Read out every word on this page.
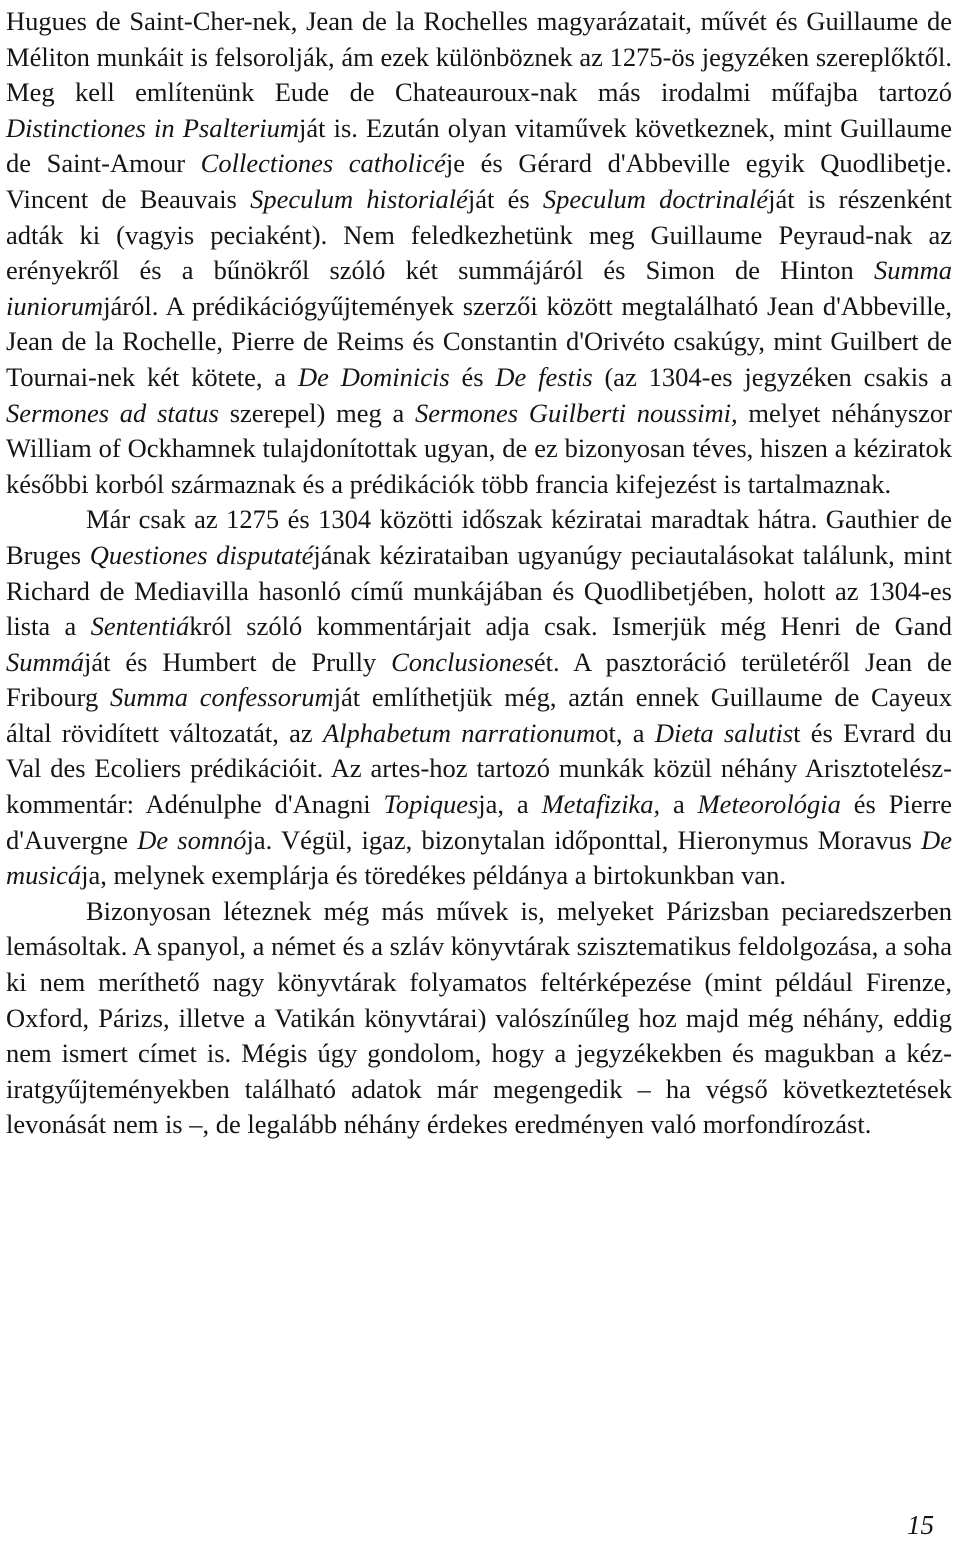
Hugues de Saint-Cher-nek, Jean de la Rochelles magyarázatait, művét és Guillaume de Méliton munkáit is felsorolják, ám ezek különböznek az 1275-ös jegyzéken szereplőktől. Meg kell említenünk Eude de Chateauroux-nak más irodalmi műfajba tartozó Distinctiones in Psalteriumját is. Ezután olyan vitaművek következnek, mint Guillaume de Saint-Amour Collectiones catholicéje és Gérard d'Abbeville egyik Quodlibetje. Vincent de Beauvais Speculum historialéját és Speculum doctrinaléját is részenként adták ki (vagyis peciaként). Nem feledkezhetünk meg Guillaume Peyraud-nak az erényekről és a bűnökről szóló két summájáról és Simon de Hinton Summa iuniorumjáról. A prédikációgyűjtemények szerzői között megtalálható Jean d'Abbeville, Jean de la Rochelle, Pierre de Reims és Constantin d'Orivéto csakúgy, mint Guilbert de Tournai-nek két kötete, a De Dominicis és De festis (az 1304-es jegyzéken csakis a Sermones ad status szerepel) meg a Sermones Guilberti noussimi, melyet néhányszor William of Ockhamnek tulajdonítottak ugyan, de ez bizonyosan téves, hiszen a kéziratok későbbi korból származnak és a prédikációk több francia kifejezést is tartalmaznak.

Már csak az 1275 és 1304 közötti időszak kéziratai maradtak hátra. Gauthier de Bruges Questiones disputatéjának kézirataiban ugyanúgy peciautalásokat találunk, mint Richard de Mediavilla hasonló című munkájában és Quodlibetjében, holott az 1304-es lista a Sententiákról szóló kommentárjait adja csak. Ismerjük még Henri de Gand Summáját és Humbert de Prully Conclusionesét. A pasztoráció területéről Jean de Fribourg Summa confessorumját említhetjük még, aztán ennek Guillaume de Cayeux által rövidített változatát, az Alphabetum narrationumot, a Dieta salutist és Evrard du Val des Ecoliers prédikációit. Az artes-hoz tartozó munkák közül néhány Arisztotelész-kommentár: Adénulphe d'Anagni Topiquesja, a Metafizika, a Meteorológia és Pierre d'Auvergne De somnója. Végül, igaz, bizonytalan időponttal, Hieronymus Moravus De musicája, melynek exemplárja és töredékes példánya a birtokunkban van.

Bizonyosan léteznek még más művek is, melyeket Párizsban peciaredszerben lemásoltak. A spanyol, a német és a szláv könyvtárak szisztematikus feldolgozása, a soha ki nem meríthető nagy könyvtárak folyamatos feltérképezése (mint például Firenze, Oxford, Párizs, illetve a Vatikán könyvtárai) valószínűleg hoz majd még néhány, eddig nem ismert címet is. Mégis úgy gondolom, hogy a jegyzékekben és magukban a kéziratgyűjteményekben található adatok már megengedik – ha végső következtetések levonását nem is –, de legalább néhány érdekes eredményen való morfondírozást.

15
